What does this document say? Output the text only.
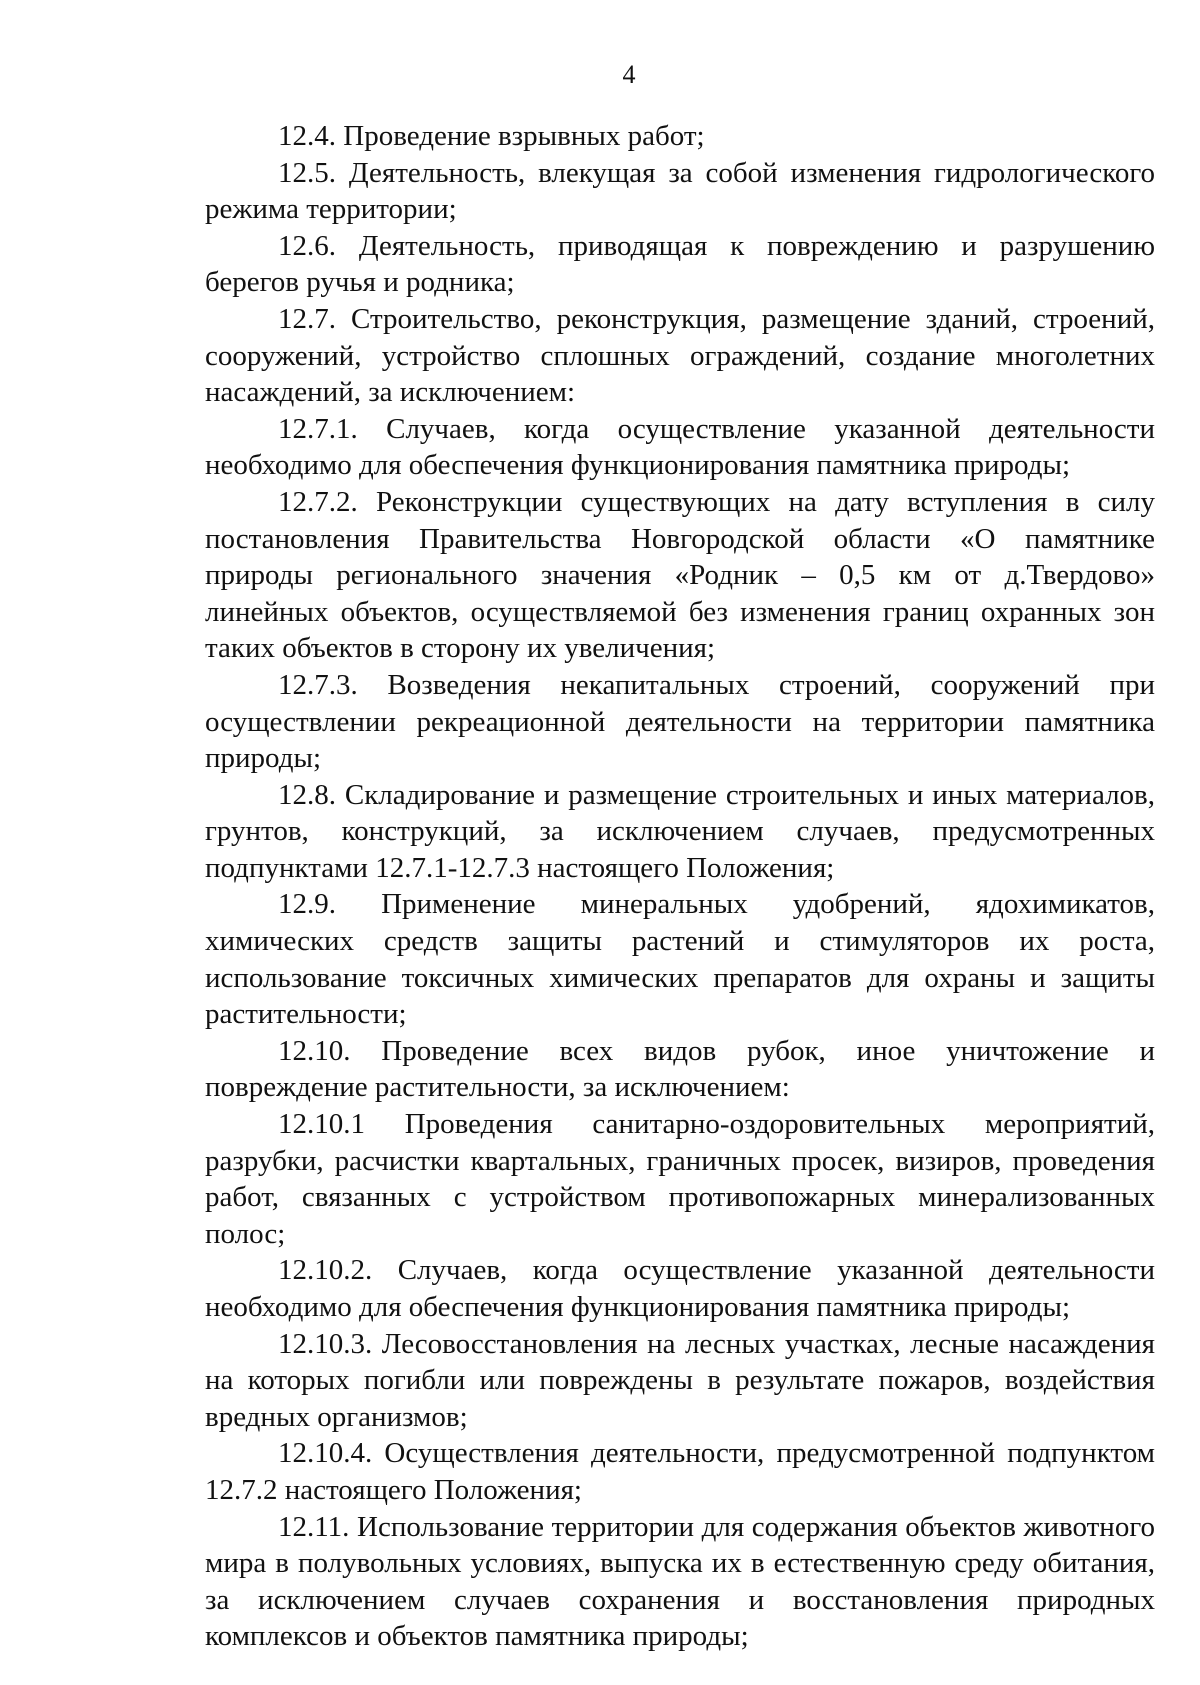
4

12.4. Проведение взрывных работ;

12.5. Деятельность, влекущая за собой изменения гидрологического режима территории;

12.6. Деятельность, приводящая к повреждению и разрушению берегов ручья и родника;

12.7. Строительство, реконструкция, размещение зданий, строений, сооружений, устройство сплошных ограждений, создание многолетних насаждений, за исключением:

12.7.1. Случаев, когда осуществление указанной деятельности необходимо для обеспечения функционирования памятника природы;

12.7.2. Реконструкции существующих на дату вступления в силу постановления Правительства Новгородской области «О памятнике природы регионального значения «Родник – 0,5 км от д.Твердово» линейных объектов, осуществляемой без изменения границ охранных зон таких объектов в сторону их увеличения;

12.7.3. Возведения некапитальных строений, сооружений при осуществлении рекреационной деятельности на территории памятника природы;

12.8. Складирование и размещение строительных и иных материалов, грунтов, конструкций, за исключением случаев, предусмотренных подпунктами 12.7.1-12.7.3 настоящего Положения;

12.9. Применение минеральных удобрений, ядохимикатов, химических средств защиты растений и стимуляторов их роста, использование токсичных химических препаратов для охраны и защиты растительности;

12.10. Проведение всех видов рубок, иное уничтожение и повреждение растительности, за исключением:

12.10.1 Проведения санитарно-оздоровительных мероприятий, разрубки, расчистки квартальных, граничных просек, визиров, проведения работ, связанных с устройством противопожарных минерализованных полос;

12.10.2. Случаев, когда осуществление указанной деятельности необходимо для обеспечения функционирования памятника природы;

12.10.3. Лесовосстановления на лесных участках, лесные насаждения на которых погибли или повреждены в результате пожаров, воздействия вредных организмов;

12.10.4. Осуществления деятельности, предусмотренной подпунктом 12.7.2 настоящего Положения;

12.11. Использование территории для содержания объектов животного мира в полувольных условиях, выпуска их в естественную среду обитания, за исключением случаев сохранения и восстановления природных комплексов и объектов памятника природы;
